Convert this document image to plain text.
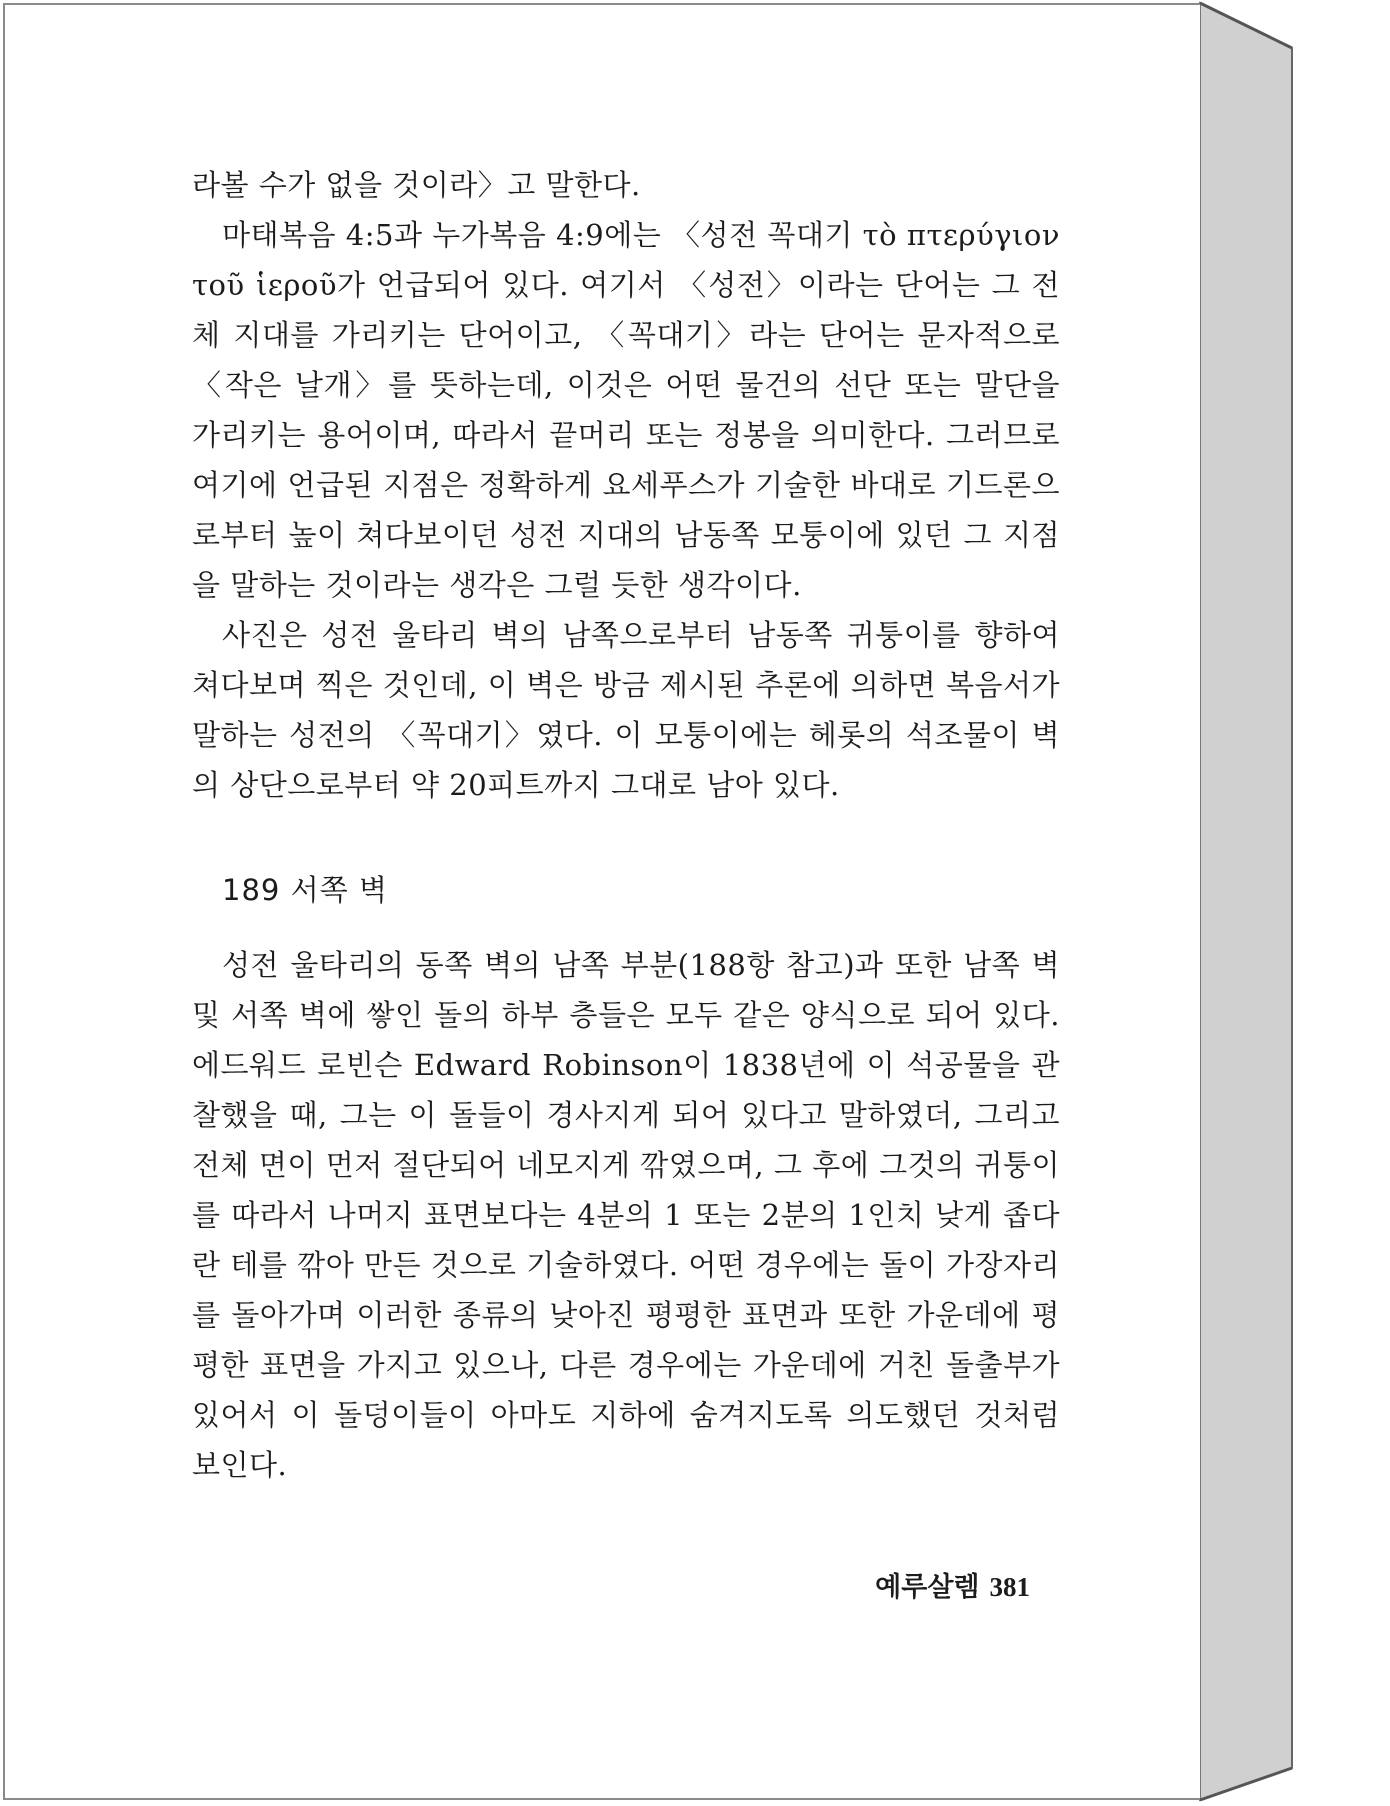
라볼 수가 없을 것이라〉고 말한다.

마태복음 4:5과 누가복음 4:9에는 〈성전 꼭대기 τὸ πτερύγιον τοῦ ἱεροῦ가 언급되어 있다. 여기서 〈성전〉이라는 단어는 그 전체 지대를 가리키는 단어이고, 〈꼭대기〉라는 단어는 문자적으로 〈작은 날개〉를 뜻하는데, 이것은 어떤 물건의 선단 또는 말단을 가리키는 용어이며, 따라서 끝머리 또는 정봉을 의미한다. 그러므로 여기에 언급된 지점은 정확하게 요세푸스가 기술한 바대로 기드론으로부터 높이 쳐다보이던 성전 지대의 남동쪽 모퉁이에 있던 그 지점을 말하는 것이라는 생각은 그럴 듯한 생각이다.

사진은 성전 울타리 벽의 남쪽으로부터 남동쪽 귀퉁이를 향하여 쳐다보며 찍은 것인데, 이 벽은 방금 제시된 추론에 의하면 복음서가 말하는 성전의 〈꼭대기〉였다. 이 모퉁이에는 헤롯의 석조물이 벽의 상단으로부터 약 20피트까지 그대로 남아 있다.

189 서쪽 벽

성전 울타리의 동쪽 벽의 남쪽 부분(188항 참고)과 또한 남쪽 벽 및 서쪽 벽에 쌓인 돌의 하부 층들은 모두 같은 양식으로 되어 있다. 에드워드 로빈슨 Edward Robinson이 1838년에 이 석공물을 관찰했을 때, 그는 이 돌들이 경사지게 되어 있다고 말하였더, 그리고 전체 면이 먼저 절단되어 네모지게 깎였으며, 그 후에 그것의 귀퉁이를 따라서 나머지 표면보다는 4분의 1 또는 2분의 1인치 낮게 좁다란 테를 깎아 만든 것으로 기술하였다. 어떤 경우에는 돌이 가장자리를 돌아가며 이러한 종류의 낮아진 평평한 표면과 또한 가운데에 평평한 표면을 가지고 있으나, 다른 경우에는 가운데에 거친 돌출부가 있어서 이 돌덩이들이 아마도 지하에 숨겨지도록 의도했던 것처럼 보인다.

예루살렘 381
